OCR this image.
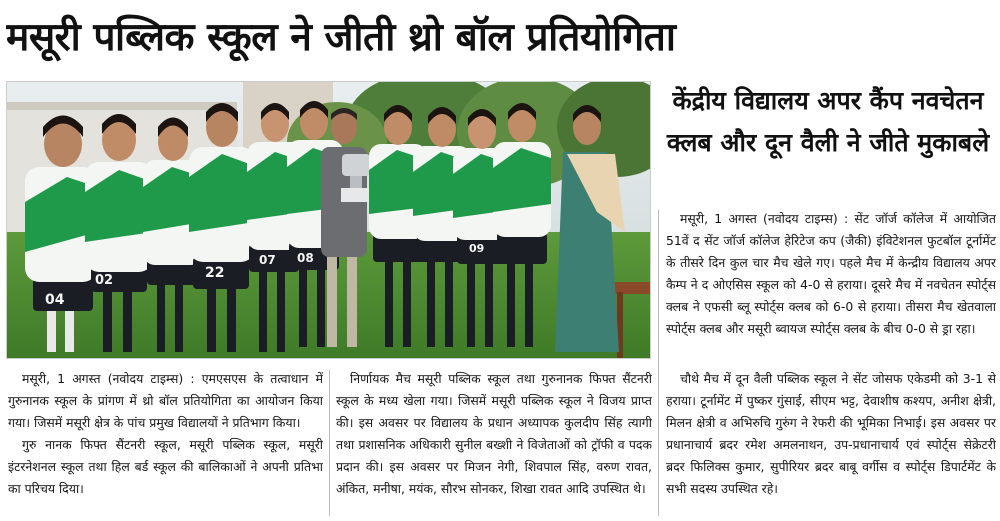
मसूरी पब्लिक स्कूल ने जीती थ्रो बॉल प्रतियोगिता
04
02	22
07 08
09
केंद्रीय विद्यालय अपर कैंप नवचेतन क्लब और दून वैली ने जीते मुकाबले

मसूरी, 1 अगस्त (नवोदय टाइम्स) : एमएसएस के तत्वाधान में गुरुनानक स्कूल के प्रांगण में थ्रो बॉल प्रतियोगिता का आयोजन किया गया। जिसमें मसूरी क्षेत्र के पांच प्रमुख विद्यालयों ने प्रतिभाग किया।

गुरु नानक फिफ्त सैंटनरी स्कूल, मसूरी पब्लिक स्कूल, मसूरी इंटरनेशनल स्कूल तथा हिल बर्ड स्कूल की बालिकाओं ने अपनी प्रतिभा का परिचय दिया।

निर्णायक मैच मसूरी पब्लिक स्कूल तथा गुरुनानक फिफ्त सैंटनरी स्कूल के मध्य खेला गया। जिसमें मसूरी पब्लिक स्कूल ने विजय प्राप्त की। इस अवसर पर विद्यालय के प्रधान अध्यापक कुलदीप सिंह त्यागी तथा प्रशासनिक अधिकारी सुनील बख्शी ने विजेताओं को ट्रॉफी व पदक प्रदान की। इस अवसर पर मिजन नेगी, शिवपाल सिंह, वरुण रावत, अंकित, मनीषा, मयंक, सौरभ सोनकर, शिखा रावत आदि उपस्थित थे।

मसूरी, 1 अगस्त (नवोदय टाइम्स) : सेंट जॉर्ज कॉलेज में आयोजित 51वें द सेंट जॉर्ज कॉलेज हेरिटेज कप (जैकी) इंविटेशनल फुटबॉल टूर्नामेंट के तीसरे दिन कुल चार मैच खेले गए। पहले मैच में केन्द्रीय विद्यालय अपर कैम्प ने द ओएसिस स्कूल को 4-0 से हराया। दूसरे मैच में नवचेतन स्पोर्ट्स क्लब ने एफसी ब्लू स्पोर्ट्स क्लब को 6-0 से हराया। तीसरा मैच खेतवाला स्पोर्ट्स क्लब और मसूरी ब्वायज स्पोर्ट्स क्लब के बीच 0-0 से ड्रा रहा।

चौथे मैच में दून वैली पब्लिक स्कूल ने सेंट जोसफ एकेडमी को 3-1 से हराया। टूर्नामेंट में पुष्कर गुंसाई, सीएम भट्ट, देवाशीष कश्यप, अनीश क्षेत्री, मिलन क्षेत्री व अभिरुचि गुरुंग ने रेफरी की भूमिका निभाई। इस अवसर पर प्रधानाचार्य ब्रदर रमेश अमलनाथन, उप-प्रधानाचार्य एवं स्पोर्ट्स सेक्रेटरी ब्रदर फिलिक्स कुमार, सुपीरियर ब्रदर बाबू वर्गीस व स्पोर्ट्स डिपार्टमेंट के सभी सदस्य उपस्थित रहे।
